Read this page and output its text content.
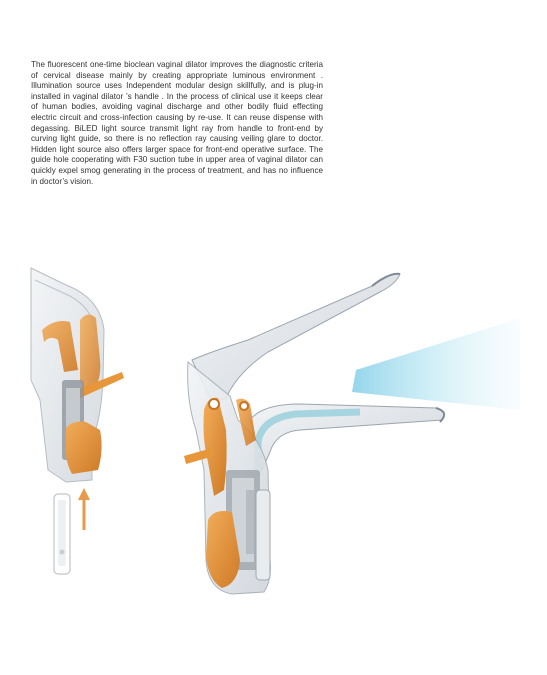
The fluorescent one-time bioclean vaginal dilator improves the diagnostic criteria of cervical disease mainly by creating appropriate luminous environment . Illumination source uses Independent modular design skillfully, and is plug-in installed in vaginal dilator ’s handle . In the process of clinical use it keeps clear of human bodies, avoiding vaginal discharge and other bodily fluid effecting electric circuit and cross-infection causing by re-use. It can reuse dispense with degassing. BiLED light source transmit light ray from handle to front-end by curving light guide, so there is no reflection ray causing veiling glare to doctor. Hidden light source also offers larger space for front-end operative surface. The guide hole cooperating with F30 suction tube in upper area of vaginal dilator can quickly expel smog generating in the process of treatment, and has no influence in doctor’s vision.
